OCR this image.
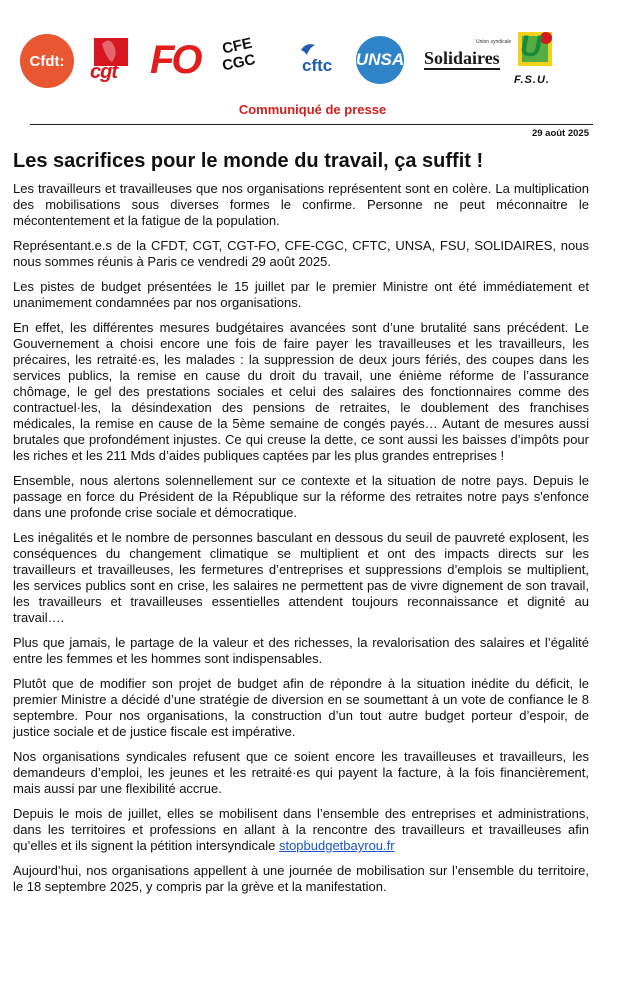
Cfdt: cgt FO CFE
CGC	cftc UNSA
Union syndicale
Solidaires U
F.S.U.
Communiqué de presse
29 août 2025
Les sacrifices pour le monde du travail, ça suffit !

Les travailleurs et travailleuses que nos organisations représentent sont en colère. La multiplication des mobilisations sous diverses formes le confirme. Personne ne peut méconnaitre le mécontentement et la fatigue de la population.

Représentant.e.s de la CFDT, CGT, CGT-FO, CFE-CGC, CFTC, UNSA, FSU, SOLIDAIRES, nous nous sommes réunis à Paris ce vendredi 29 août 2025.

Les pistes de budget présentées le 15 juillet par le premier Ministre ont été immédiatement et unanimement condamnées par nos organisations.

En effet, les différentes mesures budgétaires avancées sont d’une brutalité sans précédent. Le Gouvernement a choisi encore une fois de faire payer les travailleuses et les travailleurs, les précaires, les retraité·es, les malades : la suppression de deux jours fériés, des coupes dans les services publics, la remise en cause du droit du travail, une énième réforme de l’assurance chômage, le gel des prestations sociales et celui des salaires des fonctionnaires comme des contractuel·les, la désindexation des pensions de retraites, le doublement des franchises médicales, la remise en cause de la 5ème semaine de congés payés… Autant de mesures aussi brutales que profondément injustes. Ce qui creuse la dette, ce sont aussi les baisses d’impôts pour les riches et les 211 Mds d’aides publiques captées par les plus grandes entreprises !

Ensemble, nous alertons solennellement sur ce contexte et la situation de notre pays. Depuis le passage en force du Président de la République sur la réforme des retraites notre pays s'enfonce dans une profonde crise sociale et démocratique.

Les inégalités et le nombre de personnes basculant en dessous du seuil de pauvreté explosent, les conséquences du changement climatique se multiplient et ont des impacts directs sur les travailleurs et travailleuses, les fermetures d’entreprises et suppressions d’emplois se multiplient, les services publics sont en crise, les salaires ne permettent pas de vivre dignement de son travail, les travailleurs et travailleuses essentielles attendent toujours reconnaissance et dignité au travail….

Plus que jamais, le partage de la valeur et des richesses, la revalorisation des salaires et l’égalité entre les femmes et les hommes sont indispensables.

Plutôt que de modifier son projet de budget afin de répondre à la situation inédite du déficit, le premier Ministre a décidé d’une stratégie de diversion en se soumettant à un vote de confiance le 8 septembre. Pour nos organisations, la construction d’un tout autre budget porteur d’espoir, de justice sociale et de justice fiscale est impérative.

Nos organisations syndicales refusent que ce soient encore les travailleuses et travailleurs, les demandeurs d’emploi, les jeunes et les retraité·es qui payent la facture, à la fois financièrement, mais aussi par une flexibilité accrue.

Depuis le mois de juillet, elles se mobilisent dans l’ensemble des entreprises et administrations, dans les territoires et professions en allant à la rencontre des travailleurs et travailleuses afin qu’elles et ils signent la pétition intersyndicale stopbudgetbayrou.fr

Aujourd’hui, nos organisations appellent à une journée de mobilisation sur l’ensemble du territoire, le 18 septembre 2025, y compris par la grève et la manifestation.
